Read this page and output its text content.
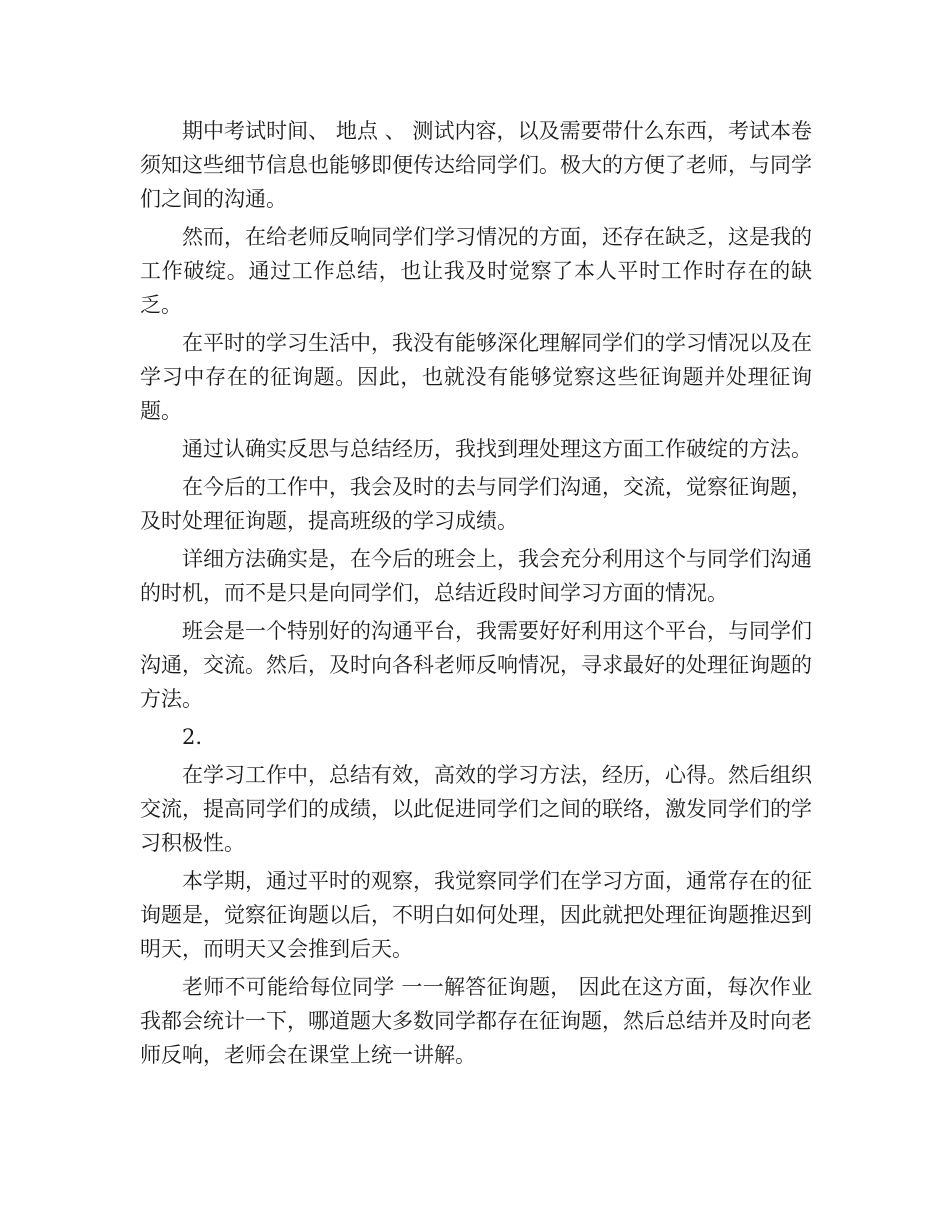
期中考试时间、 地点 、 测试内容，以及需要带什么东西，考试本卷须知这些细节信息也能够即便传达给同学们。极大的方便了老师，与同学们之间的沟通。

然而，在给老师反响同学们学习情况的方面，还存在缺乏，这是我的工作破绽。通过工作总结，也让我及时觉察了本人平时工作时存在的缺乏。

在平时的学习生活中，我没有能够深化理解同学们的学习情况以及在学习中存在的征询题。因此，也就没有能够觉察这些征询题并处理征询题。

通过认确实反思与总结经历，我找到理处理这方面工作破绽的方法。

在今后的工作中，我会及时的去与同学们沟通，交流，觉察征询题，及时处理征询题，提高班级的学习成绩。

详细方法确实是，在今后的班会上，我会充分利用这个与同学们沟通的时机，而不是只是向同学们，总结近段时间学习方面的情况。

班会是一个特别好的沟通平台，我需要好好利用这个平台，与同学们沟通，交流。然后，及时向各科老师反响情况，寻求最好的处理征询题的方法。

2.

在学习工作中，总结有效，高效的学习方法，经历，心得。然后组织交流，提高同学们的成绩，以此促进同学们之间的联络，激发同学们的学习积极性。

本学期，通过平时的观察，我觉察同学们在学习方面，通常存在的征询题是，觉察征询题以后，不明白如何处理，因此就把处理征询题推迟到明天，而明天又会推到后天。

老师不可能给每位同学 一一解答征询题， 因此在这方面，每次作业我都会统计一下，哪道题大多数同学都存在征询题，然后总结并及时向老师反响，老师会在课堂上统一讲解。
